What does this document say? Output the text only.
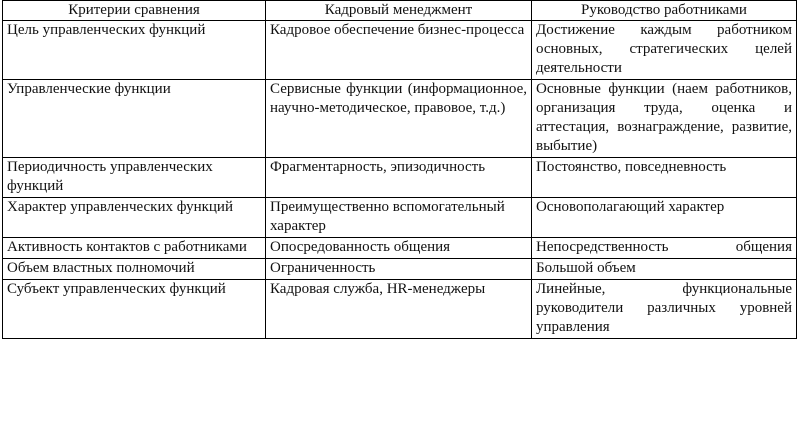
Критерии сравнения	Кадровый менеджмент	Руководство работниками
Цель управленческих функций	Кадровое обеспечение бизнес-процесса	Достижение каждым работником основных, стратегических целей деятельности
Управленческие функции	Сервисные функции (информационное, научно-методическое, правовое, т.д.)	Основные функции (наем работников, организация труда, оценка и аттестация, вознаграждение, развитие, выбытие)
Периодичность управленческих функций	Фрагментарность, эпизодичность	Постоянство, повседневность
Характер управленческих функций	Преимущественно вспомогательный характер	Основополагающий характер
Активность контактов с работниками	Опосредованность общения	Непосредственность общения
Объем властных полномочий	Ограниченность	Большой объем
Субъект управленческих функций	Кадровая служба, HR-менеджеры	Линейные, функциональные руководители различных уровней управления
